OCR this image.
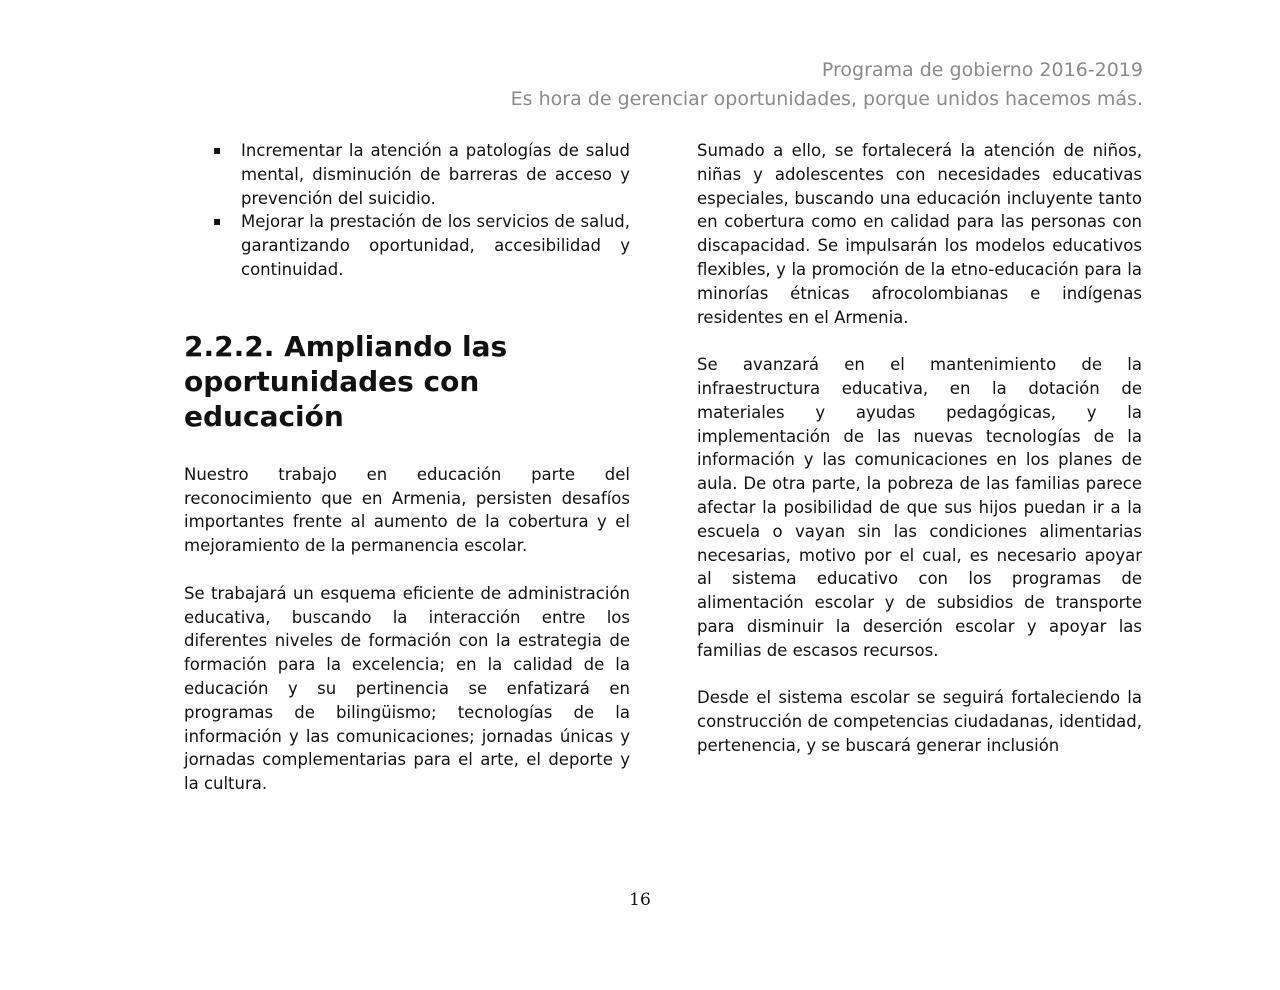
Programa de gobierno 2016-2019
Es hora de gerenciar oportunidades, porque unidos hacemos más.
▪ Incrementar la atención a patologías de salud mental, disminución de barreras de acceso y prevención del suicidio.
▪ Mejorar la prestación de los servicios de salud, garantizando oportunidad, accesibilidad y continuidad.
2.2.2. Ampliando las oportunidades con educación

Nuestro trabajo en educación parte del reconocimiento que en Armenia, persisten desafíos importantes frente al aumento de la cobertura y el mejoramiento de la permanencia escolar.

Se trabajará un esquema eficiente de administración educativa, buscando la interacción entre los diferentes niveles de formación con la estrategia de formación para la excelencia; en la calidad de la educación y su pertinencia se enfatizará en programas de bilingüismo; tecnologías de la información y las comunicaciones; jornadas únicas y jornadas complementarias para el arte, el deporte y la cultura.

Sumado a ello, se fortalecerá la atención de niños, niñas y adolescentes con necesidades educativas especiales, buscando una educación incluyente tanto en cobertura como en calidad para las personas con discapacidad. Se impulsarán los modelos educativos flexibles, y la promoción de la etno-educación para la minorías étnicas afrocolombianas e indígenas residentes en el Armenia.

Se avanzará en el mantenimiento de la infraestructura educativa, en la dotación de materiales y ayudas pedagógicas, y la implementación de las nuevas tecnologías de la información y las comunicaciones en los planes de aula. De otra parte, la pobreza de las familias parece afectar la posibilidad de que sus hijos puedan ir a la escuela o vayan sin las condiciones alimentarias necesarias, motivo por el cual, es necesario apoyar al sistema educativo con los programas de alimentación escolar y de subsidios de transporte para disminuir la deserción escolar y apoyar las familias de escasos recursos.

Desde el sistema escolar se seguirá fortaleciendo la construcción de competencias ciudadanas, identidad, pertenencia, y se buscará generar inclusión

16
